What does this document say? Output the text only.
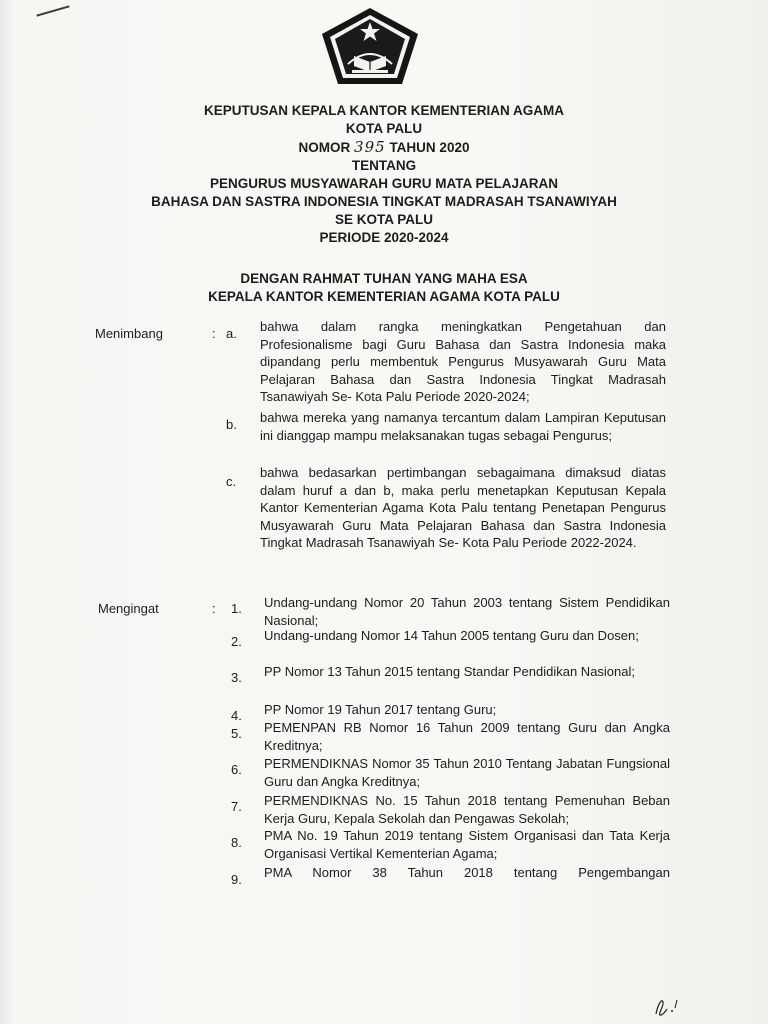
KEPUTUSAN KEPALA KANTOR KEMENTERIAN AGAMA
KOTA PALU
NOMOR 395 TAHUN 2020
TENTANG
PENGURUS MUSYAWARAH GURU MATA PELAJARAN
BAHASA DAN SASTRA INDONESIA TINGKAT MADRASAH TSANAWIYAH
SE KOTA PALU
PERIODE 2020-2024
DENGAN RAHMAT TUHAN YANG MAHA ESA
KEPALA KANTOR KEMENTERIAN AGAMA KOTA PALU
Menimbang	: a.	bahwa dalam rangka meningkatkan Pengetahuan dan Profesionalisme bagi Guru Bahasa dan Sastra Indonesia maka dipandang perlu membentuk Pengurus Musyawarah Guru Mata Pelajaran Bahasa dan Sastra Indonesia Tingkat Madrasah Tsanawiyah Se- Kota Palu Periode 2020-2024;
b.	bahwa mereka yang namanya tercantum dalam Lampiran Keputusan ini dianggap mampu melaksanakan tugas sebagai Pengurus;
c.
bahwa bedasarkan pertimbangan sebagaimana dimaksud diatas dalam huruf a dan b, maka perlu menetapkan Keputusan Kepala Kantor Kementerian Agama Kota Palu tentang Penetapan Pengurus Musyawarah Guru Mata Pelajaran Bahasa dan Sastra Indonesia Tingkat Madrasah Tsanawiyah Se- Kota Palu Periode 2022-2024.
Mengingat	: 1.	Undang-undang Nomor 20 Tahun 2003 tentang Sistem Pendidikan Nasional;
2.	Undang-undang Nomor 14 Tahun 2005 tentang Guru dan Dosen;
3.	PP Nomor 13 Tahun 2015 tentang Standar Pendidikan Nasional;
4.	PP Nomor 19 Tahun 2017 tentang Guru;
5.	PEMENPAN RB Nomor 16 Tahun 2009 tentang Guru dan Angka Kreditnya;
6.	PERMENDIKNAS Nomor 35 Tahun 2010 Tentang Jabatan Fungsional Guru dan Angka Kreditnya;
7.	PERMENDIKNAS No. 15 Tahun 2018 tentang Pemenuhan Beban Kerja Guru, Kepala Sekolah dan Pengawas Sekolah;
8.	PMA No. 19 Tahun 2019 tentang Sistem Organisasi dan Tata Kerja Organisasi Vertikal Kementerian Agama;
9.	PMA Nomor 38 Tahun 2018 tentang Pengembangan
